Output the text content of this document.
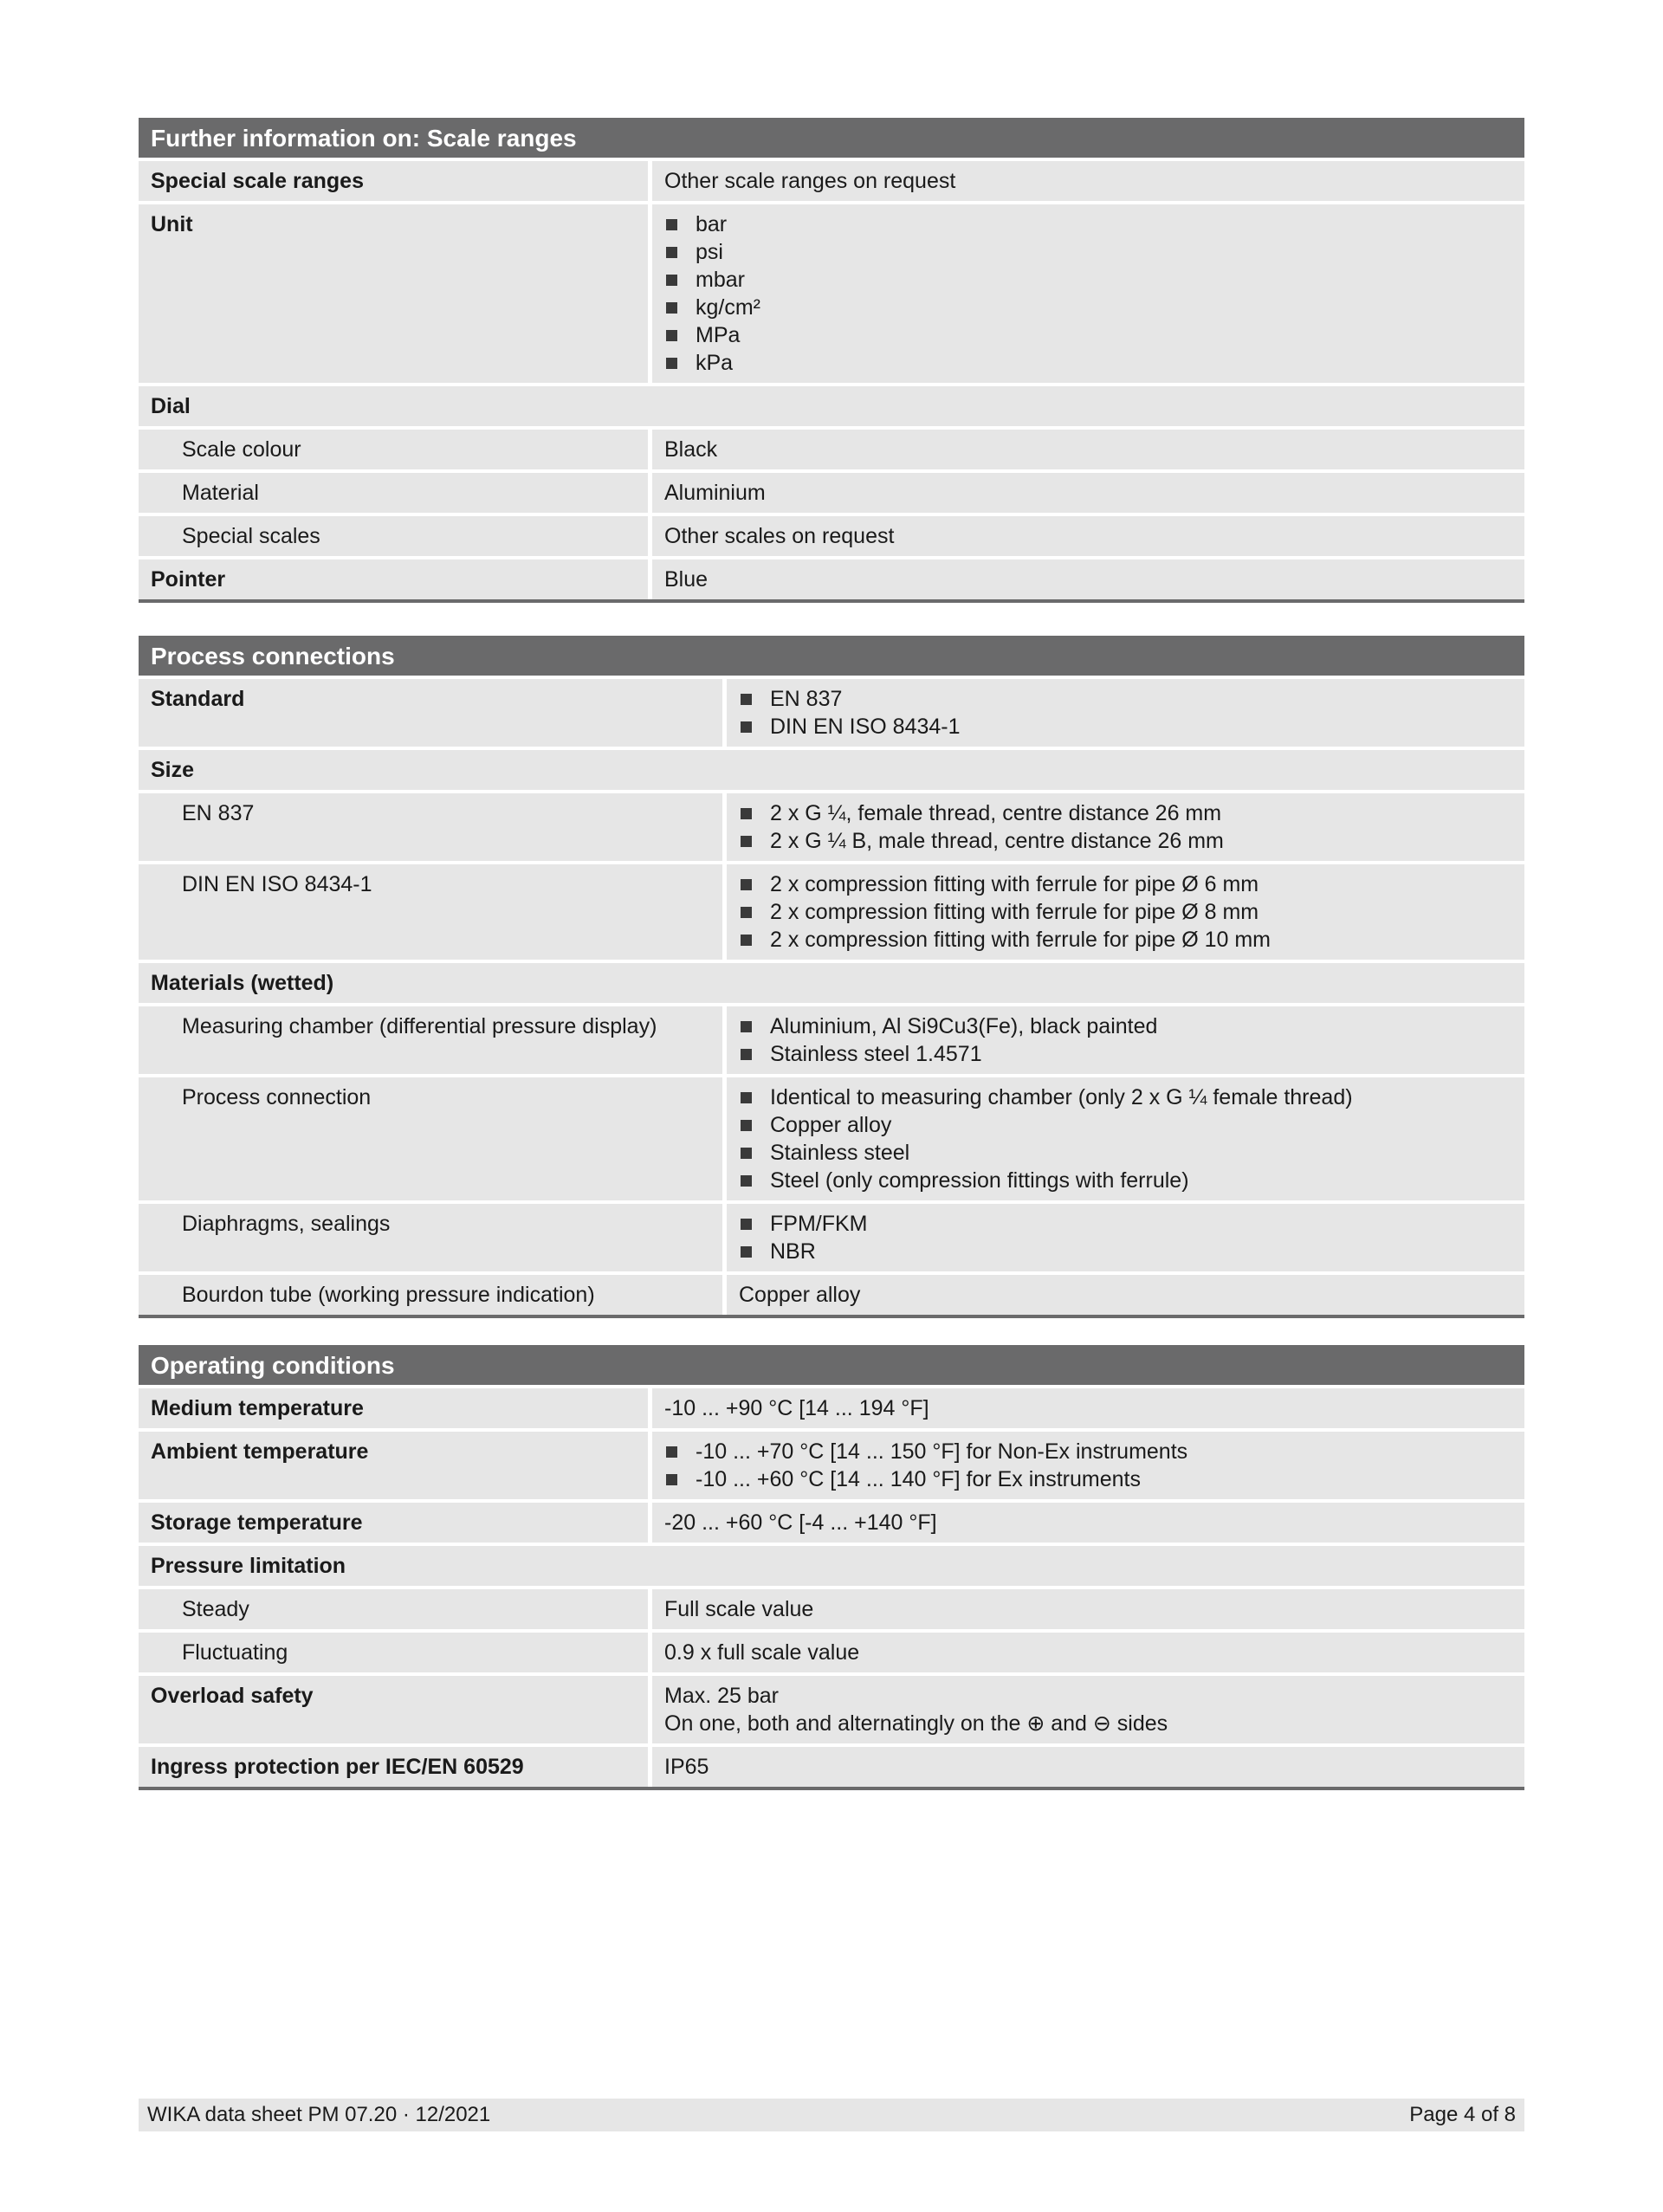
Further information on: Scale ranges
Special scale ranges	Other scale ranges on request
Unit	bar
psi
mbar
kg/cm²
MPa
kPa
Dial
Scale colour	Black
Material	Aluminium
Special scales	Other scales on request
Pointer	Blue
Process connections
Standard	EN 837
DIN EN ISO 8434-1
Size
EN 837	2 x G ¼, female thread, centre distance 26 mm
2 x G ¼ B, male thread, centre distance 26 mm
DIN EN ISO 8434-1	2 x compression fitting with ferrule for pipe Ø 6 mm
2 x compression fitting with ferrule for pipe Ø 8 mm
2 x compression fitting with ferrule for pipe Ø 10 mm
Materials (wetted)
Measuring chamber (differential pressure display)	Aluminium, Al Si9Cu3(Fe), black painted
Stainless steel 1.4571
Process connection	Identical to measuring chamber (only 2 x G ¼ female thread)
Copper alloy
Stainless steel
Steel (only compression fittings with ferrule)
Diaphragms, sealings	FPM/FKM
NBR
Bourdon tube (working pressure indication)	Copper alloy
Operating conditions
Medium temperature	-10 ... +90 °C [14 ... 194 °F]
Ambient temperature	-10 ... +70 °C [14 ... 150 °F] for Non-Ex instruments
-10 ... +60 °C [14 ... 140 °F] for Ex instruments
Storage temperature	-20 ... +60 °C [-4 ... +140 °F]
Pressure limitation
Steady	Full scale value
Fluctuating	0.9 x full scale value
Overload safety	Max. 25 bar
On one, both and alternatingly on the ⊕ and ⊖ sides
Ingress protection per IEC/EN 60529	IP65
WIKA data sheet PM 07.20 · 12/2021	Page 4 of 8
